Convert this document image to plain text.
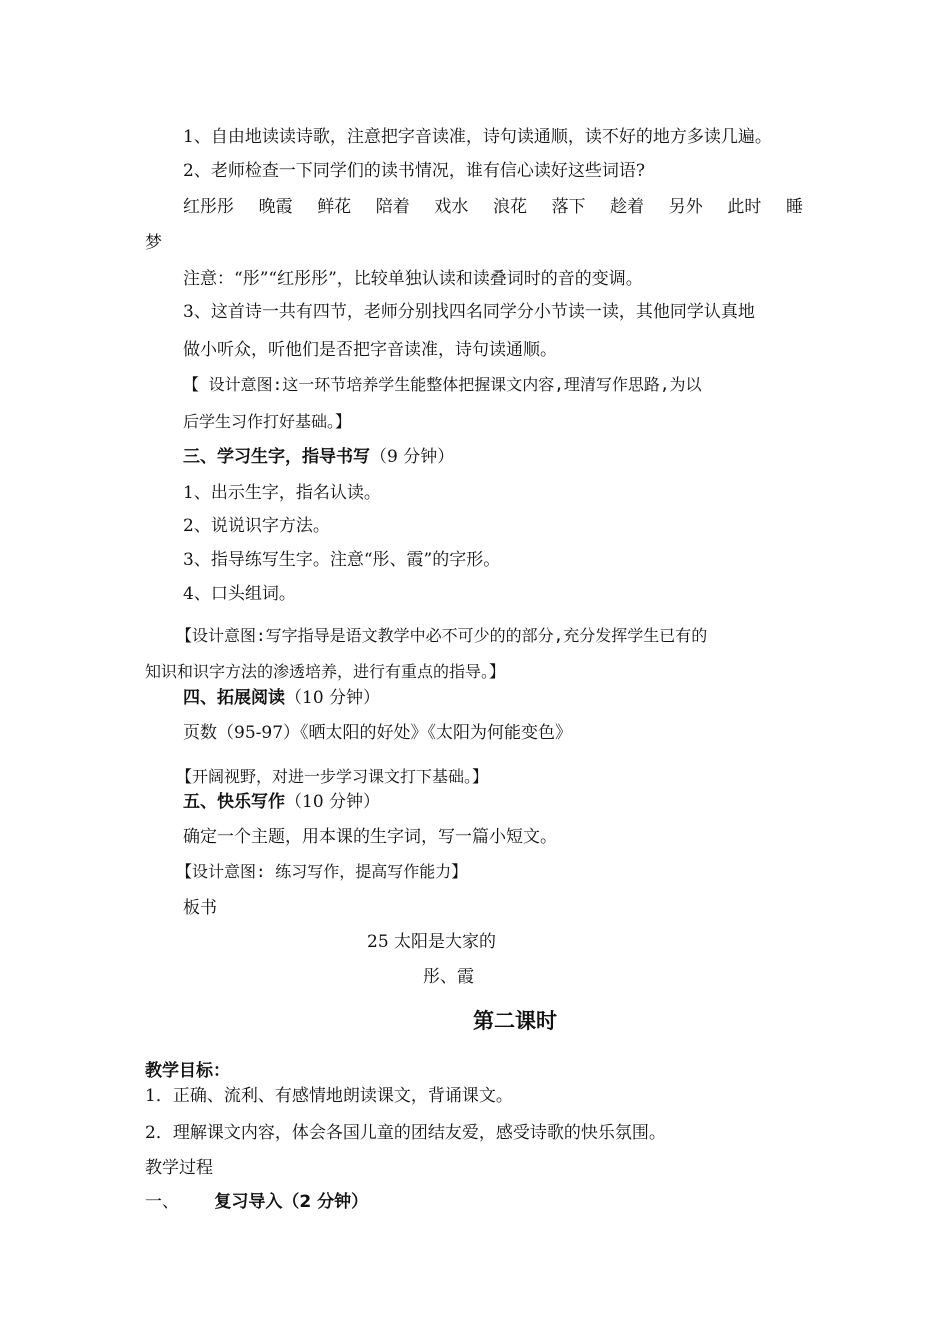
1、自由地读读诗歌，注意把字音读准，诗句读通顺，读不好的地方多读几遍。
2、老师检查一下同学们的读书情况，谁有信心读好这些词语?
红彤彤 晚霞 鲜花 陪着 戏水 浪花 落下 趁着 另外 此时 睡
梦
注意：“彤”“红彤彤”，比较单独认读和读叠词时的音的变调。
3、这首诗一共有四节，老师分别找四名同学分小节读一读，其他同学认真地
做小听众，听他们是否把字音读准，诗句读通顺。
【 设计意图:这一环节培养学生能整体把握课文内容,理清写作思路,为以
后学生习作打好基础。】
三、学习生字，指导书写（9 分钟）
1、出示生字，指名认读。
2、说说识字方法。
3、指导练写生字。注意“彤、霞”的字形。
4、口头组词。
【设计意图:写字指导是语文教学中必不可少的的部分,充分发挥学生已有的
知识和识字方法的渗透培养，进行有重点的指导。】
四、拓展阅读（10 分钟）
页数（95-97）《晒太阳的好处》《太阳为何能变色》
【开阔视野，对进一步学习课文打下基础。】
五、快乐写作（10 分钟）
确定一个主题，用本课的生字词，写一篇小短文。
【设计意图: 练习写作，提高写作能力】
板书
25 太阳是大家的
彤、霞
第二课时
教学目标：
1．正确、流利、有感情地朗读课文，背诵课文。
2．理解课文内容，体会各国儿童的团结友爱，感受诗歌的快乐氛围。
教学过程
一、 复习导入（2 分钟）
